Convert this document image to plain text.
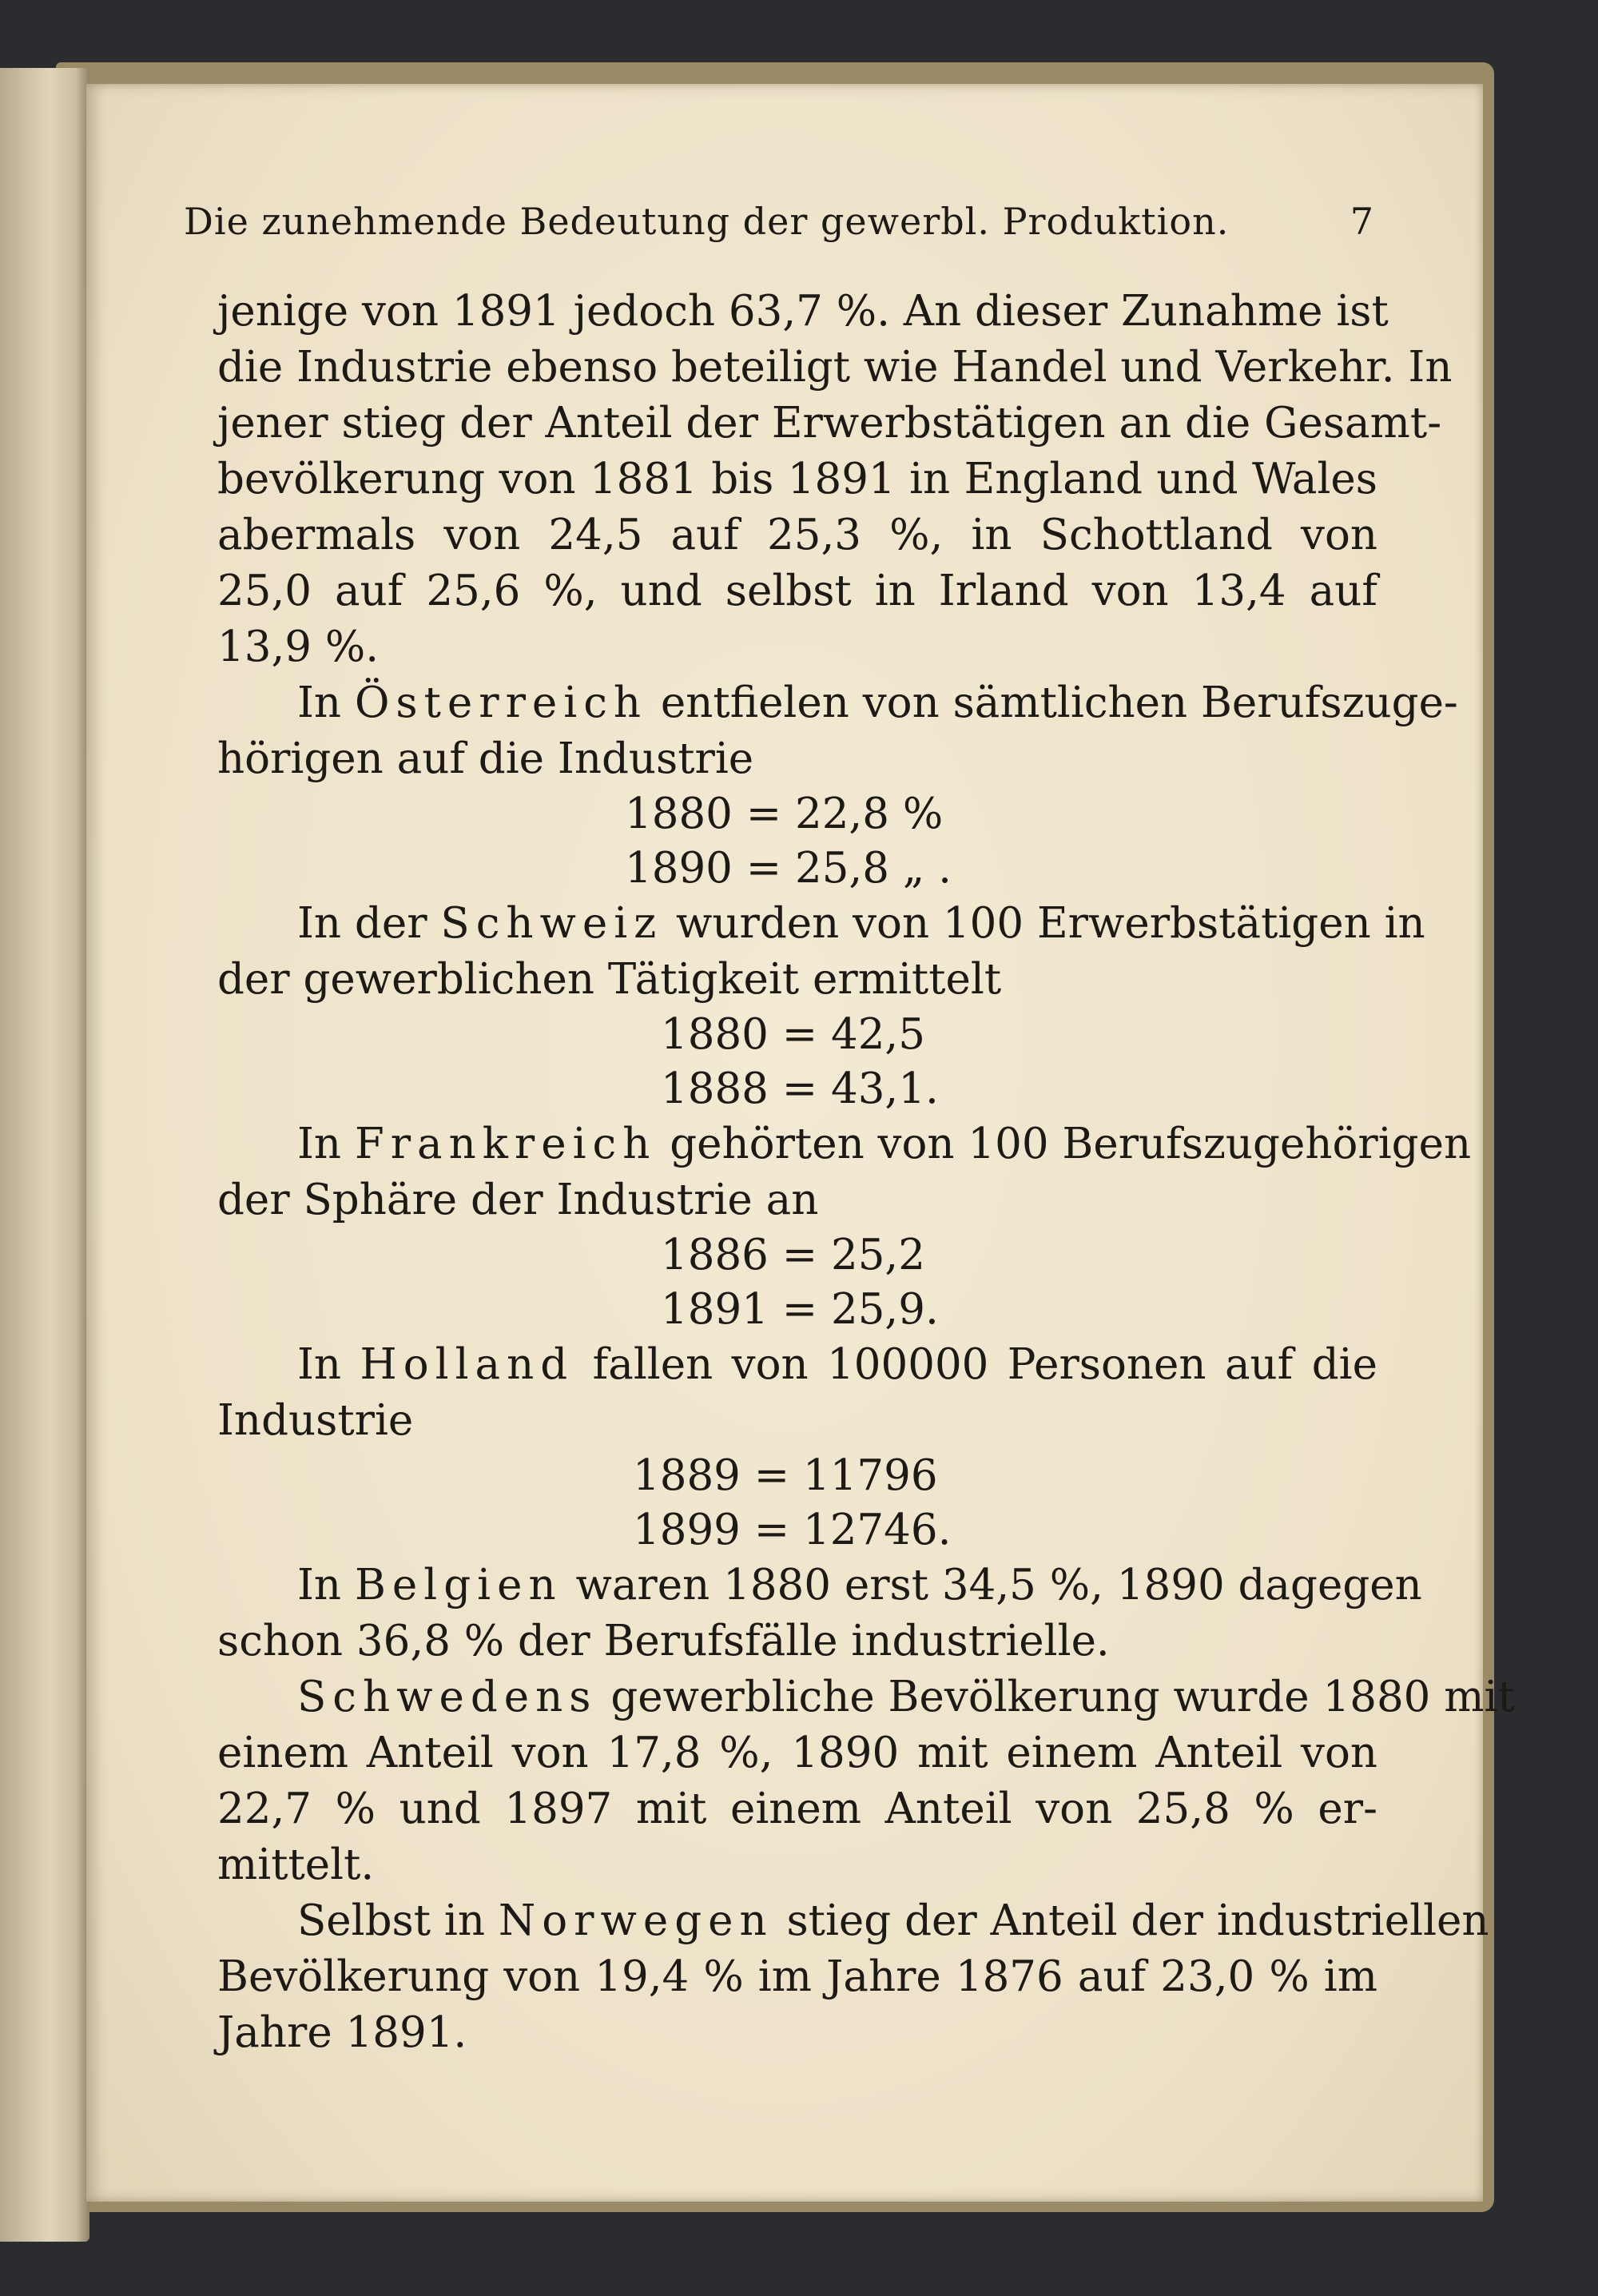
Die zunehmende Bedeutung der gewerbl. Produktion.	7
jenige von 1891 jedoch 63,7 %. An dieser Zunahme ist
die Industrie ebenso beteiligt wie Handel und Verkehr. In
jener stieg der Anteil der Erwerbstätigen an die Gesamt-
bevölkerung von 1881 bis 1891 in England und Wales
abermals von 24,5 auf 25,3 %, in Schottland von
25,0 auf 25,6 %, und selbst in Irland von 13,4 auf
13,9 %.
In Österreich entfielen von sämtlichen Berufszuge-
hörigen auf die Industrie
1880 = 22,8 %
1890 = 25,8 „ .
In der Schweiz wurden von 100 Erwerbstätigen in
der gewerblichen Tätigkeit ermittelt
1880 = 42,5
1888 = 43,1.
In Frankreich gehörten von 100 Berufszugehörigen
der Sphäre der Industrie an
1886 = 25,2
1891 = 25,9.
In Holland fallen von 100000 Personen auf die
Industrie
1889 = 11796
1899 = 12746.
In Belgien waren 1880 erst 34,5 %, 1890 dagegen
schon 36,8 % der Berufsfälle industrielle.
Schwedens gewerbliche Bevölkerung wurde 1880 mit
einem Anteil von 17,8 %, 1890 mit einem Anteil von
22,7 % und 1897 mit einem Anteil von 25,8 % er-
mittelt.
Selbst in Norwegen stieg der Anteil der industriellen
Bevölkerung von 19,4 % im Jahre 1876 auf 23,0 % im
Jahre 1891.
